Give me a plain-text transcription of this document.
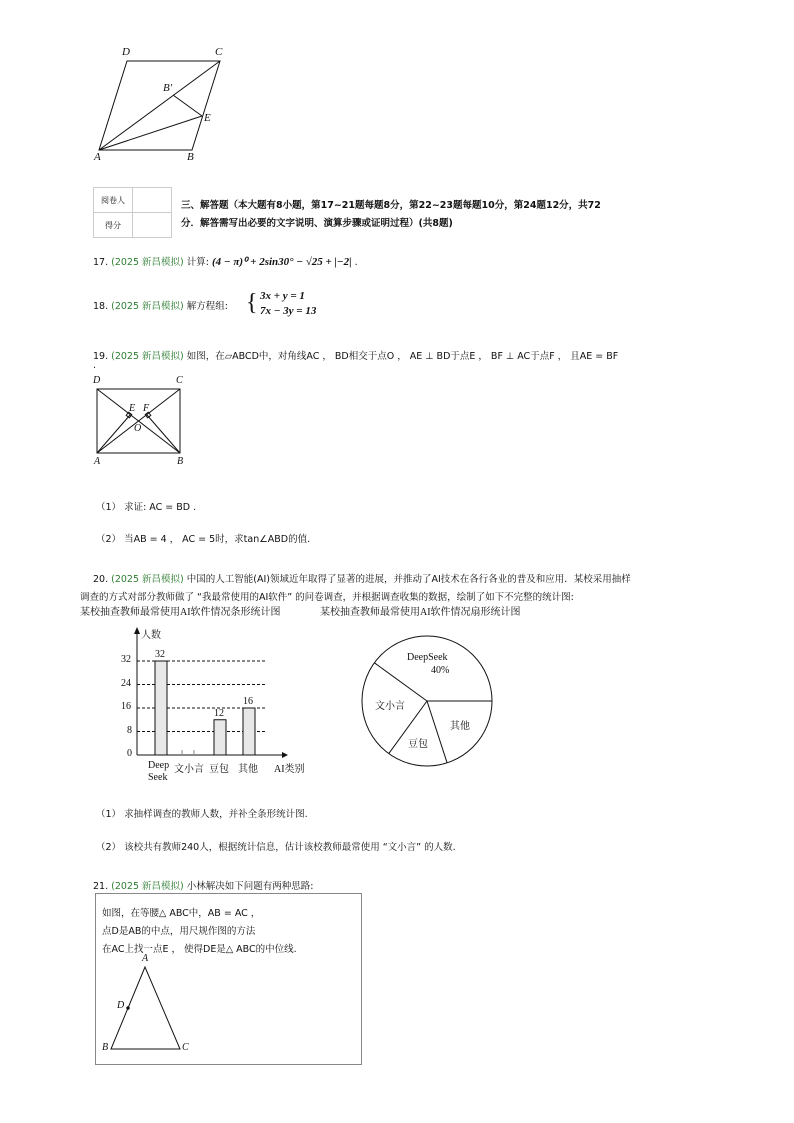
D	C
B′
E
A	B
阅卷人	
得分	
三、解答题（本大题有8小题，第17~21题每题8分，第22~23题每题10分，第24题12分，共72
分．解答需写出必要的文字说明、演算步骤或证明过程）(共8题)
17. (2025 新昌模拟) 计算: (4 − π)⁰ + 2sin30° − √25 + |−2| .
18. (2025 新昌模拟) 解方程组: { 3x + y = 1
7x − 3y = 13
19. (2025 新昌模拟) 如图，在▱ABCD中，对角线AC ， BD相交于点O ， AE ⊥ BD于点E ， BF ⊥ AC于点F ， 且AE = BF
.
D	C
E F
O
A	B
（1） 求证: AC = BD .
（2） 当AB = 4 ， AC = 5时，求tan∠ABD的值.
20. (2025 新昌模拟) 中国的人工智能(AI)领域近年取得了显著的进展，并推动了AI技术在各行各业的普及和应用．某校采用抽样
调查的方式对部分教师做了 “我最常使用的AI软件” 的问卷调查，并根据调查收集的数据，绘制了如下不完整的统计图:
某校抽查教师最常使用AI软件情况条形统计图	某校抽查教师最常使用AI软件情况扇形统计图
人数
AI类别
0
8
16
24
32 32
12
16
Deep Seek
文小言 豆包 其他
DeepSeek
40%
文小言
豆包
其他
（1） 求抽样调查的教师人数，并补全条形统计图.
（2） 该校共有教师240人，根据统计信息，估计该校教师最常使用 “文小言” 的人数.
21. (2025 新昌模拟) 小林解决如下问题有两种思路:
如图，在等腰△ ABC中，AB = AC ，
点D是AB的中点，用尺规作图的方法
在AC上找一点E ， 使得DE是△ ABC的中位线.
A
D
B	C
